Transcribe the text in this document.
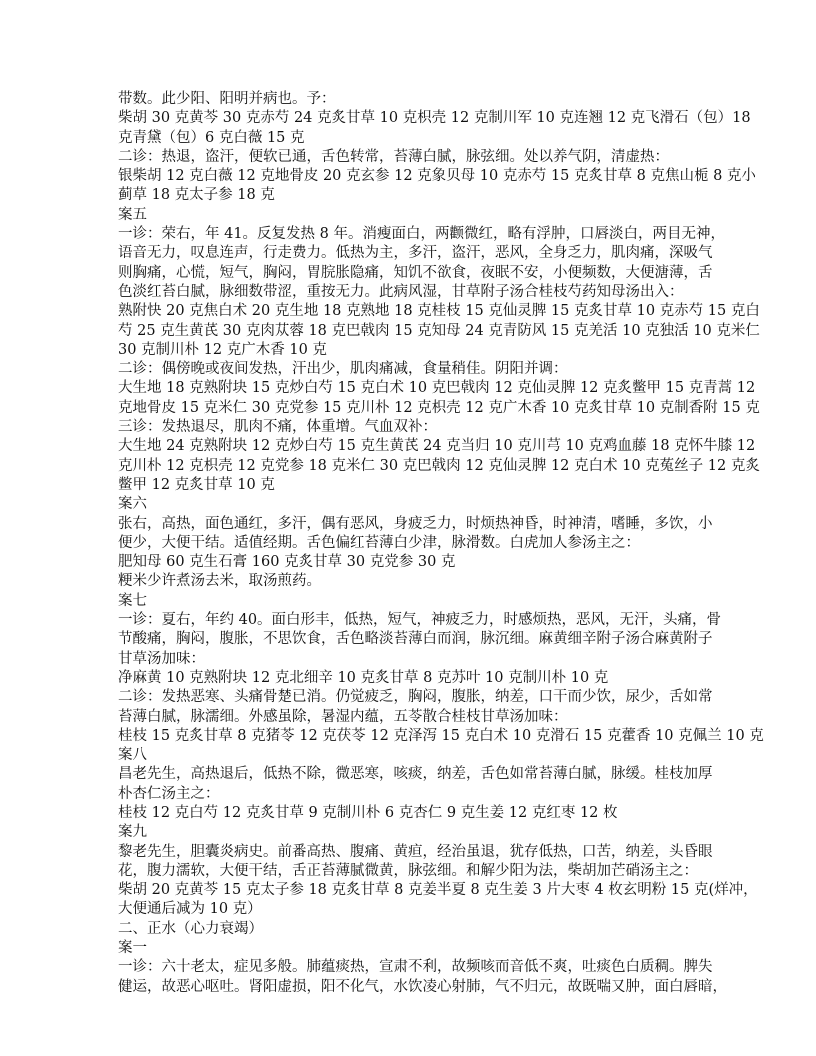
带数。此少阳、阳明并病也。予：
柴胡 30 克黄芩 30 克赤芍 24 克炙甘草 10 克枳壳 12 克制川军 10 克连翘 12 克飞滑石（包）18
克青黛（包）6 克白薇 15 克
二诊：热退，盗汗，便软已通，舌色转常，苔薄白腻，脉弦细。处以养气阴，清虚热：
银柴胡 12 克白薇 12 克地骨皮 20 克玄参 12 克象贝母 10 克赤芍 15 克炙甘草 8 克焦山栀 8 克小
蓟草 18 克太子参 18 克
案五
一诊：荣右，年 41。反复发热 8 年。消瘦面白，两颧微红，略有浮肿，口唇淡白，两目无神，
语音无力，叹息连声，行走费力。低热为主，多汗，盗汗，恶风，全身乏力，肌肉痛，深吸气
则胸痛，心慌，短气，胸闷，胃脘胀隐痛，知饥不欲食，夜眠不安，小便频数，大便溏薄，舌
色淡红苔白腻，脉细数带涩，重按无力。此病风湿，甘草附子汤合桂枝芍药知母汤出入：
熟附快 20 克焦白术 20 克生地 18 克熟地 18 克桂枝 15 克仙灵脾 15 克炙甘草 10 克赤芍 15 克白
芍 25 克生黄芪 30 克肉苁蓉 18 克巴戟肉 15 克知母 24 克青防风 15 克羌活 10 克独活 10 克米仁
30 克制川朴 12 克广木香 10 克
二诊：偶傍晚或夜间发热，汗出少，肌肉痛减，食量稍佳。阴阳并调：
大生地 18 克熟附块 15 克炒白芍 15 克白术 10 克巴戟肉 12 克仙灵脾 12 克炙鳖甲 15 克青蒿 12
克地骨皮 15 克米仁 30 克党参 15 克川朴 12 克枳壳 12 克广木香 10 克炙甘草 10 克制香附 15 克
三诊：发热退尽，肌肉不痛，体重增。气血双补：
大生地 24 克熟附块 12 克炒白芍 15 克生黄芪 24 克当归 10 克川芎 10 克鸡血藤 18 克怀牛膝 12
克川朴 12 克枳壳 12 克党参 18 克米仁 30 克巴戟肉 12 克仙灵脾 12 克白术 10 克菟丝子 12 克炙
鳖甲 12 克炙甘草 10 克
案六
张右，高热，面色通红，多汗，偶有恶风，身疲乏力，时烦热神昏，时神清，嗜睡，多饮，小
便少，大便干结。适值经期。舌色偏红苔薄白少津，脉滑数。白虎加人参汤主之：
肥知母 60 克生石膏 160 克炙甘草 30 克党参 30 克
粳米少许煮汤去米，取汤煎药。
案七
一诊：夏右，年约 40。面白形丰，低热，短气，神疲乏力，时感烦热，恶风，无汗，头痛，骨
节酸痛，胸闷，腹胀，不思饮食，舌色略淡苔薄白而润，脉沉细。麻黄细辛附子汤合麻黄附子
甘草汤加味：
净麻黄 10 克熟附块 12 克北细辛 10 克炙甘草 8 克苏叶 10 克制川朴 10 克
二诊：发热恶寒、头痛骨楚已消。仍觉疲乏，胸闷，腹胀，纳差，口干而少饮，尿少，舌如常
苔薄白腻，脉濡细。外感虽除，暑湿内蕴，五苓散合桂枝甘草汤加味：
桂枝 15 克炙甘草 8 克猪苓 12 克茯苓 12 克泽泻 15 克白术 10 克滑石 15 克藿香 10 克佩兰 10 克
案八
昌老先生，高热退后，低热不除，微恶寒，咳痰，纳差，舌色如常苔薄白腻，脉缓。桂枝加厚
朴杏仁汤主之：
桂枝 12 克白芍 12 克炙甘草 9 克制川朴 6 克杏仁 9 克生姜 12 克红枣 12 枚
案九
黎老先生，胆囊炎病史。前番高热、腹痛、黄疸，经治虽退，犹存低热，口苦，纳差，头昏眼
花，腹力濡软，大便干结，舌正苔薄腻微黄，脉弦细。和解少阳为法，柴胡加芒硝汤主之：
柴胡 20 克黄芩 15 克太子参 18 克炙甘草 8 克姜半夏 8 克生姜 3 片大枣 4 枚玄明粉 15 克(烊冲，
大便通后减为 10 克）
二、正水（心力衰竭）
案一
一诊：六十老太，症见多般。肺蕴痰热，宣肃不利，故频咳而音低不爽，吐痰色白质稠。脾失
健运，故恶心呕吐。肾阳虚损，阳不化气，水饮凌心射肺，气不归元，故既喘又肿，面白唇暗，
